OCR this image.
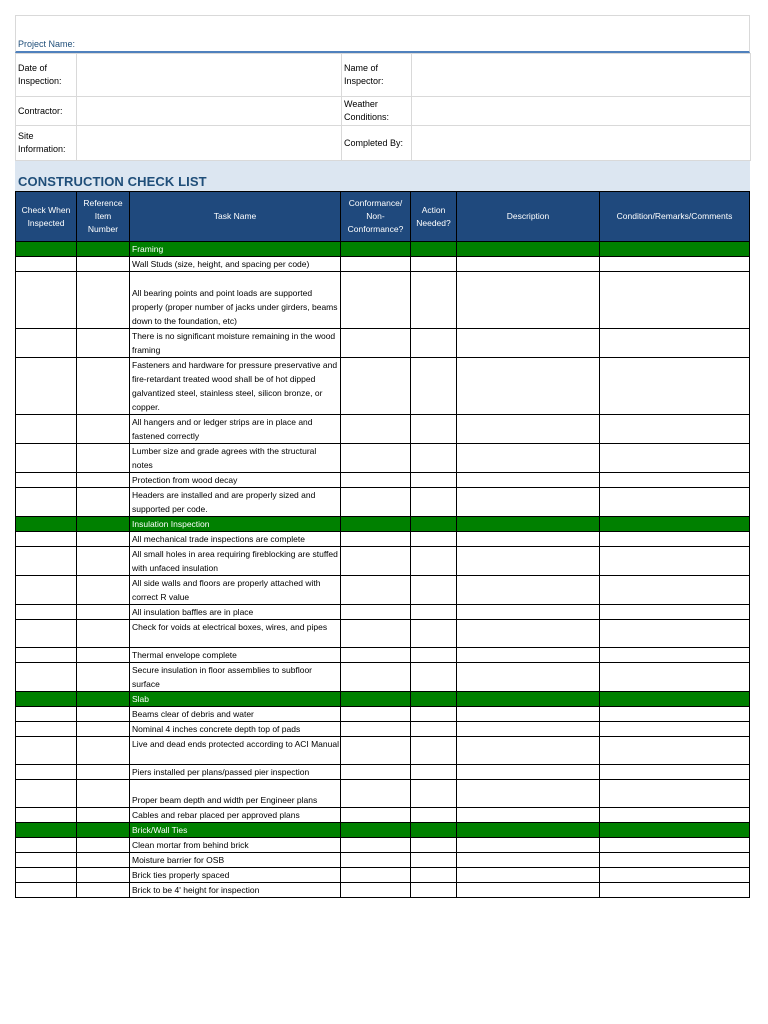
Project Name:
Date of Inspection:		Name of Inspector:	
Contractor:		Weather Conditions:	
Site Information:		Completed By:	
CONSTRUCTION CHECK LIST
Check When Inspected	Reference Item Number	Task Name	Conformance/ Non-Conformance?	Action Needed?	Description	Condition/Remarks/Comments
		Framing				
		Wall Studs (size, height, and spacing per code)				
		All bearing points and point loads are supported properly (proper number of jacks under girders, beams down to the foundation, etc)				
		There is no significant moisture remaining in the wood framing				
		Fasteners and hardware for pressure preservative and fire-retardant treated wood shall be of hot dipped galvantized steel, stainless steel, silicon bronze, or copper.				
		All hangers and or ledger strips are in place and fastened correctly				
		Lumber size and grade agrees with the structural notes				
		Protection from wood decay				
		Headers are installed and are properly sized and supported per code.				
		Insulation Inspection				
		All mechanical trade inspections are complete				
		All small holes in area requiring fireblocking are stuffed with unfaced insulation				
		All side walls and floors are properly attached with correct R value				
		All insulation baffles are in place				
		Check for voids at electrical boxes, wires, and pipes				
		Thermal envelope complete				
		Secure insulation in floor assemblies to subfloor surface				
		Slab				
		Beams clear of debris and water				
		Nominal 4 inches concrete depth top of pads				
		Live and dead ends protected according to ACI Manual				
		Piers installed per plans/passed pier inspection				
		Proper beam depth and width per Engineer plans				
		Cables and rebar placed per approved plans				
		Brick/Wall Ties				
		Clean mortar from behind brick				
		Moisture barrier for OSB				
		Brick ties properly spaced				
		Brick to be 4' height for inspection				
